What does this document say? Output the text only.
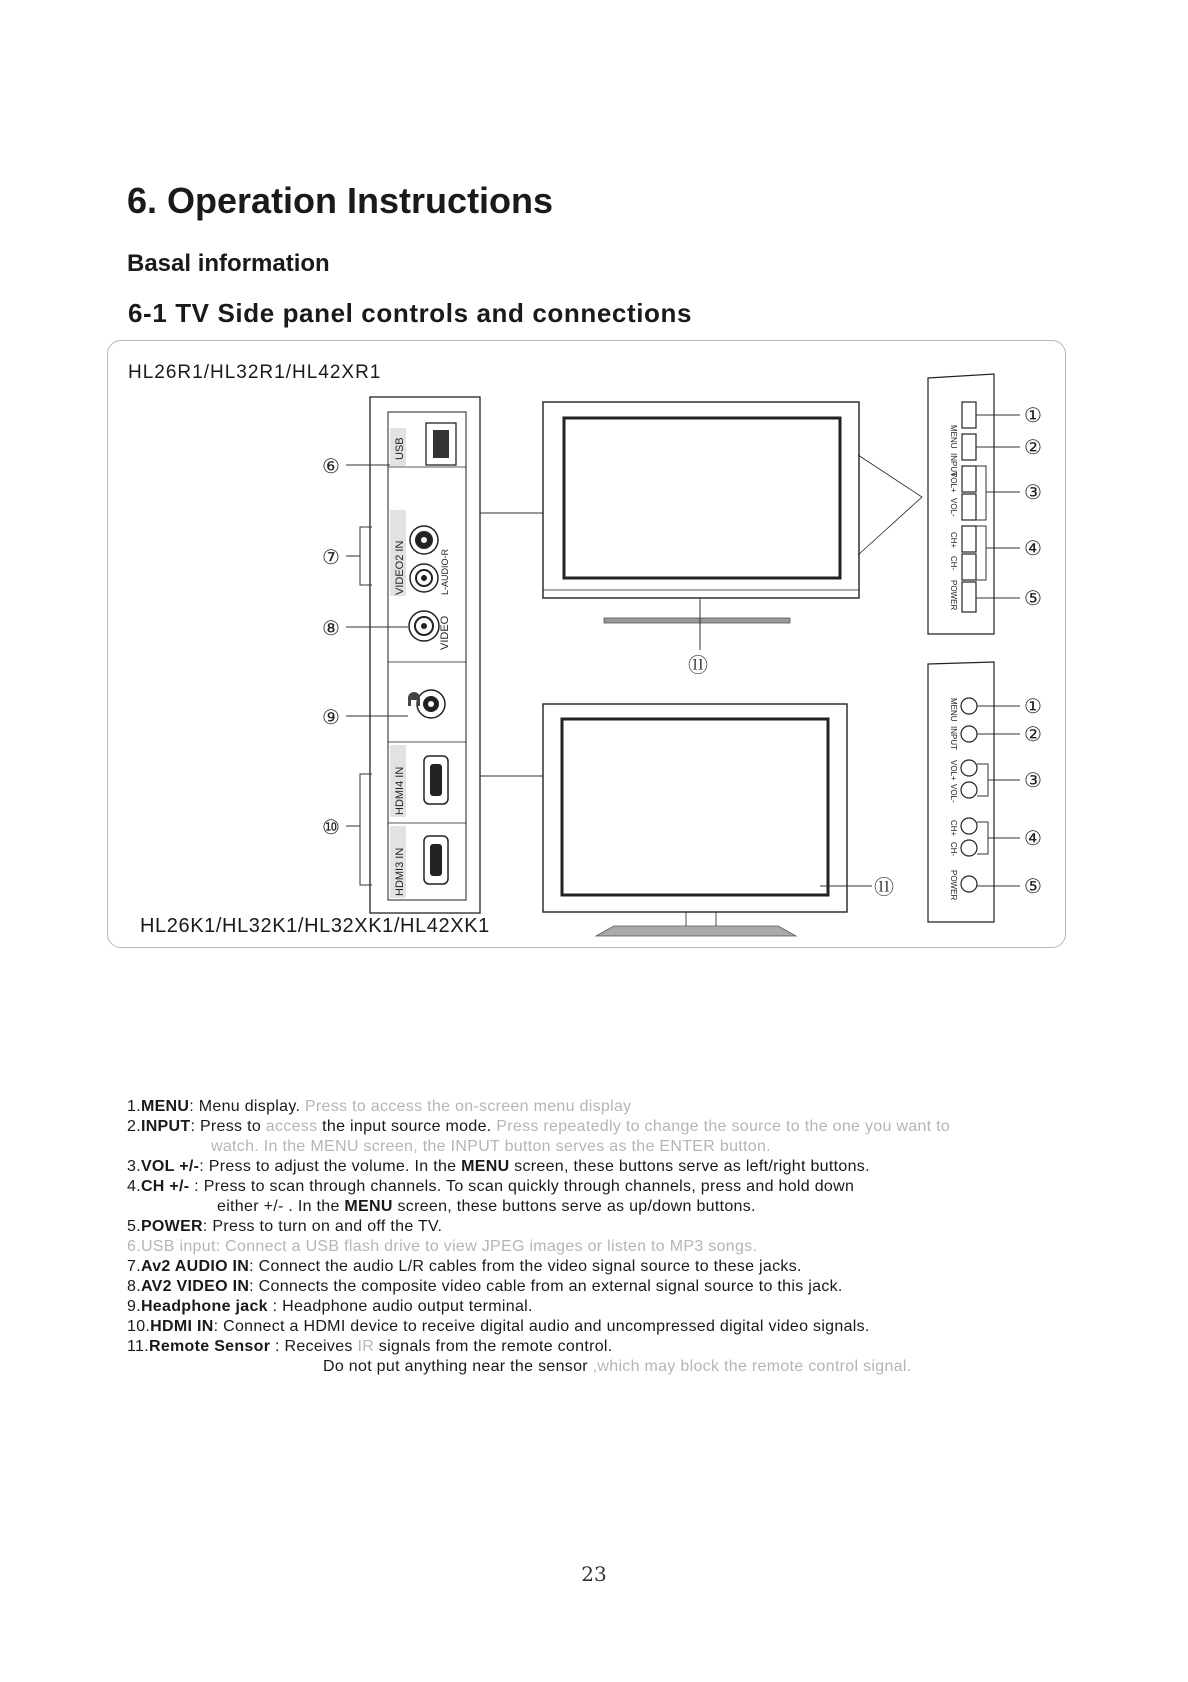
6. Operation Instructions
Basal information
6-1 TV Side panel controls and connections
HL26R1/HL32R1/HL42XR1
HL26K1/HL32K1/HL32XK1/HL42XK1
USB
VIDEO2 IN	L-AUDIO-R
VIDEO
HDMI4 IN
HDMI3 IN
⑥
⑦
⑧
⑨
⑩
⑪
⑪
MENU
INPUT
VOL+
VOL-
CH+
CH-
POWER
①
②
③
④
⑤
MENU
INPUT
VOL+
VOL-
CH+
CH-
POWER
①
②
③
④
⑤
1.MENU: Menu display. Press to access the on-screen menu display
2.INPUT: Press to access the input source mode. Press repeatedly to change the source to the one you want to
watch. In the MENU screen, the INPUT button serves as the ENTER button.
3.VOL +/-: Press to adjust the volume. In the MENU screen, these buttons serve as left/right buttons.
4.CH +/- : Press to scan through channels. To scan quickly through channels, press and hold down
either +/- . In the MENU screen, these buttons serve as up/down buttons.
5.POWER: Press to turn on and off the TV.
6.USB input: Connect a USB flash drive to view JPEG images or listen to MP3 songs.
7.Av2 AUDIO IN: Connect the audio L/R cables from the video signal source to these jacks.
8.AV2 VIDEO IN: Connects the composite video cable from an external signal source to this jack.
9.Headphone jack : Headphone audio output terminal.
10.HDMI IN: Connect a HDMI device to receive digital audio and uncompressed digital video signals.
11.Remote Sensor : Receives IR signals from the remote control.
Do not put anything near the sensor ,which may block the remote control signal.
23
